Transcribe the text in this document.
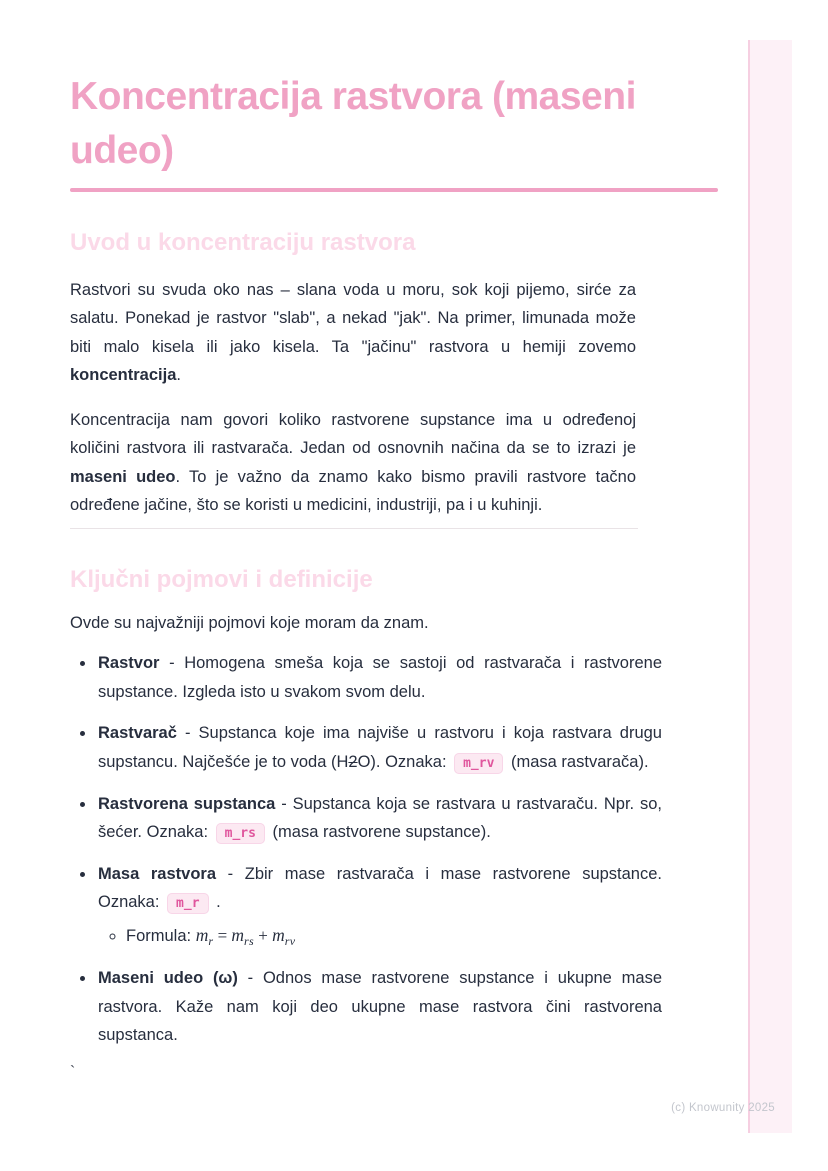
Koncentracija rastvora (maseni udeo)
Uvod u koncentraciju rastvora

Rastvori su svuda oko nas – slana voda u moru, sok koji pijemo, sirće za salatu. Ponekad je rastvor "slab", a nekad "jak". Na primer, limunada može biti malo kisela ili jako kisela. Ta "jačinu" rastvora u hemiji zovemo koncentracija.

Koncentracija nam govori koliko rastvorene supstance ima u određenoj količini rastvora ili rastvarača. Jedan od osnovnih načina da se to izrazi je maseni udeo. To je važno da znamo kako bismo pravili rastvore tačno određene jačine, što se koristi u medicini, industriji, pa i u kuhinji.

Ključni pojmovi i definicije

Ovde su najvažniji pojmovi koje moram da znam.

• Rastvor - Homogena smeša koja se sastoji od rastvarača i rastvorene supstance. Izgleda isto u svakom svom delu.
• Rastvarač - Supstanca koje ima najviše u rastvoru i koja rastvara drugu supstancu. Najčešće je to voda (H2O). Oznaka: m_rv (masa rastvarača).
• Rastvorena supstanca - Supstanca koja se rastvara u rastvaraču. Npr. so, šećer. Oznaka: m_rs (masa rastvorene supstance).
• Masa rastvora - Zbir mase rastvarača i mase rastvorene supstance. Oznaka: m_r .
◦ Formula: $m_r = m_{rs} + m_{rv}$
• Maseni udeo (ω) - Odnos mase rastvorene supstance i ukupne mase rastvora. Kaže nam koji deo ukupne mase rastvora čini rastvorena supstanca.
`
(c) Knowunity 2025
